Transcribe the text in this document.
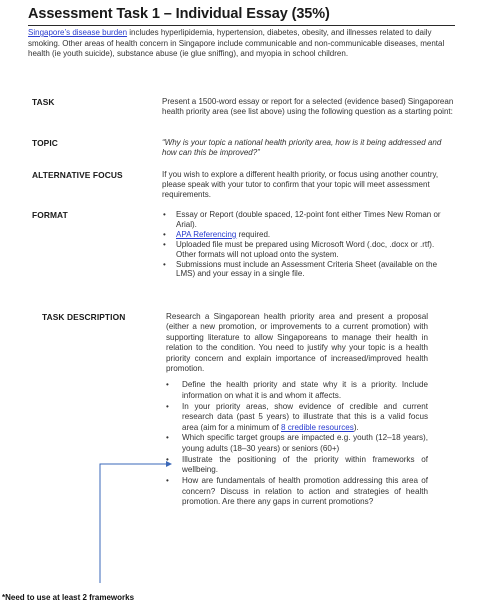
Assessment Task 1 – Individual Essay (35%)
Singapore’s disease burden includes hyperlipidemia, hypertension, diabetes, obesity, and illnesses related to daily smoking. Other areas of health concern in Singapore include communicable and non-communicable diseases, mental health (ie youth suicide), substance abuse (ie glue sniffing), and myopia in school children.
TASK	Present a 1500-word essay or report for a selected (evidence based) Singaporean health priority area (see list above) using the following question as a starting point:
TOPIC	“Why is your topic a national health priority area, how is it being addressed and how can this be improved?”
ALTERNATIVE FOCUS	If you wish to explore a different health priority, or focus using another country, please speak with your tutor to confirm that your topic will meet assessment requirements.
FORMAT
•	Essay or Report (double spaced, 12-point font either Times New Roman or Arial).
• APA Referencing required.
• Uploaded file must be prepared using Microsoft Word (.doc, .docx or .rtf). Other formats will not upload onto the system.
• Submissions must include an Assessment Criteria Sheet (available on the LMS) and your essay in a single file.
TASK DESCRIPTION	Research a Singaporean health priority area and present a proposal (either a new promotion, or improvements to a current promotion) with supporting literature to allow Singaporeans to manage their health in relation to the condition. You need to justify why your topic is a health priority concern and explain importance of increased/improved health promotion.

• Define the health priority and state why it is a priority. Include information on what it is and whom it affects.
• In your priority areas, show evidence of credible and current research data (past 5 years) to illustrate that this is a valid focus area (aim for a minimum of 8 credible resources).
• Which specific target groups are impacted e.g. youth (12–18 years), young adults (18–30 years) or seniors (60+)
• Illustrate the positioning of the priority within frameworks of wellbeing.
• How are fundamentals of health promotion addressing this area of concern? Discuss in relation to action and strategies of health promotion. Are there any gaps in current promotions?
*Need to use at least 2 frameworks
